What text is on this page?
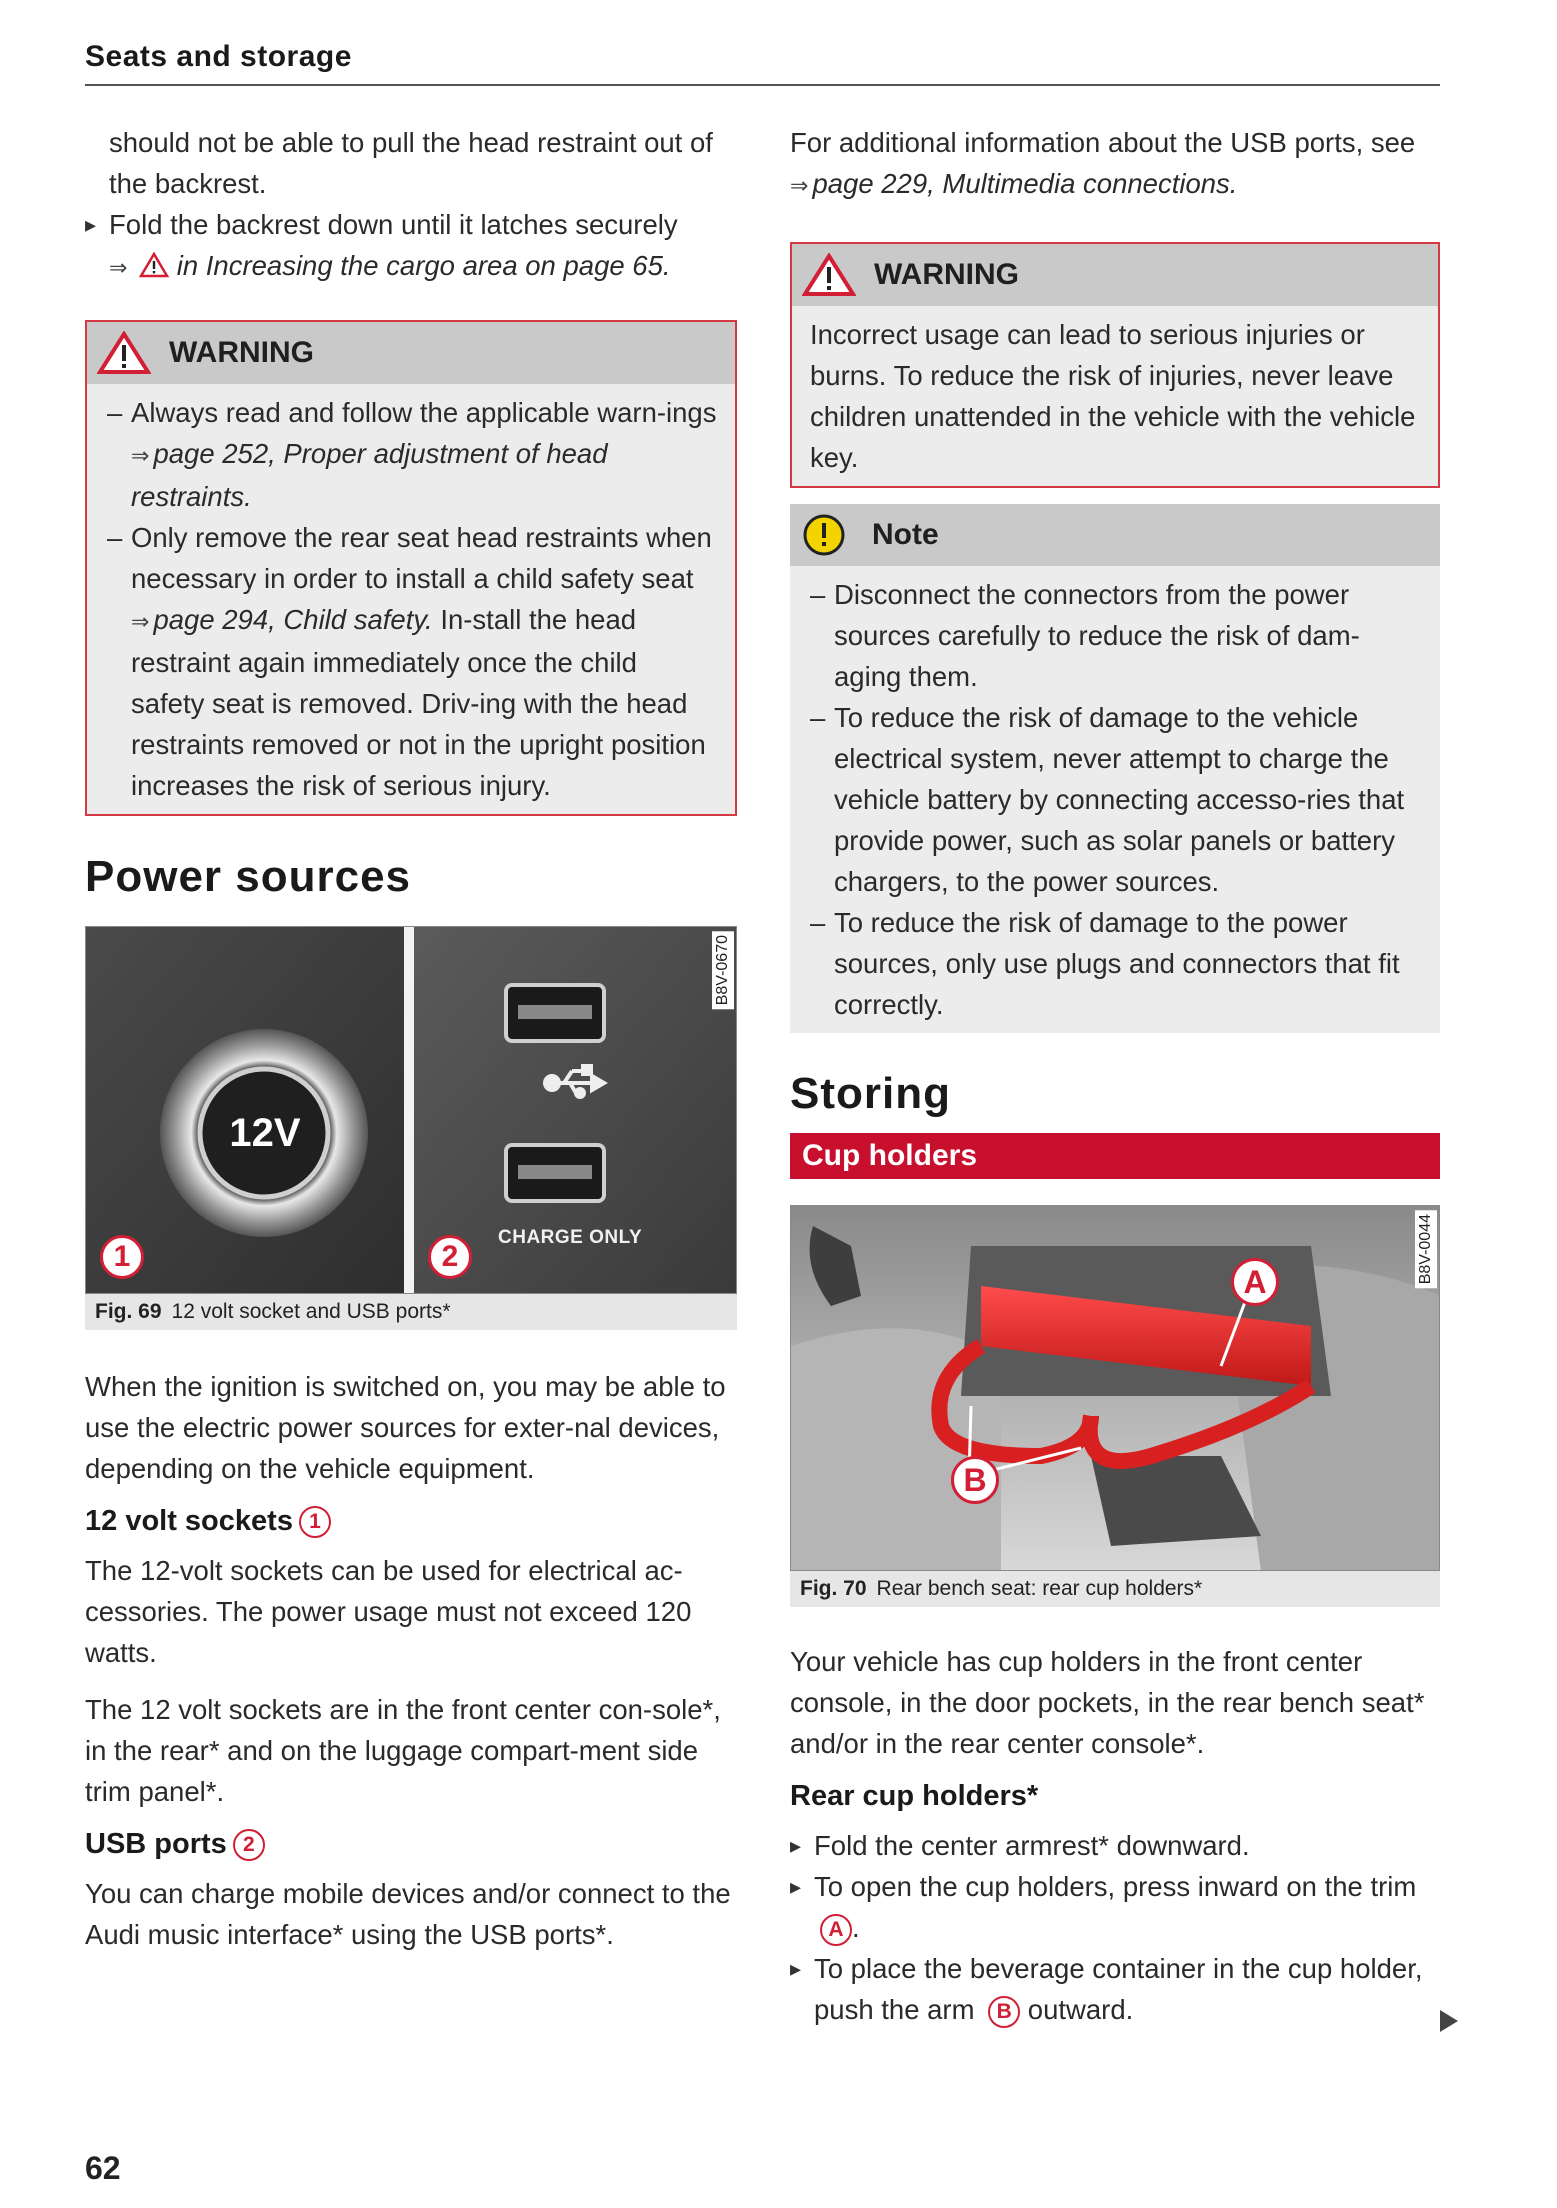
Seats and storage

should not be able to pull the head restraint out of the backrest.

▸ Fold the backrest down until it latches securely
⇒ in Increasing the cargo area on page 65.
WARNING
– Always read and follow the applicable warn-ings ⇒ page 252, Proper adjustment of head restraints.
– Only remove the rear seat head restraints when necessary in order to install a child safety seat ⇒ page 294, Child safety. In-stall the head restraint again immediately once the child safety seat is removed. Driv-ing with the head restraints removed or not in the upright position increases the risk of serious injury.
Power sources
12V
CHARGE ONLY
1	2
B8V-0670
Fig. 69 12 volt socket and USB ports*

When the ignition is switched on, you may be able to use the electric power sources for exter-nal devices, depending on the vehicle equipment.

12 volt sockets 1

The 12-volt sockets can be used for electrical ac-cessories. The power usage must not exceed 120 watts.

The 12 volt sockets are in the front center con-sole*, in the rear* and on the luggage compart-ment side trim panel*.

USB ports 2

You can charge mobile devices and/or connect to the Audi music interface* using the USB ports*.

For additional information about the USB ports, see ⇒ page 229, Multimedia connections.

WARNING

Incorrect usage can lead to serious injuries or burns. To reduce the risk of injuries, never leave children unattended in the vehicle with the vehicle key.

Note
– Disconnect the connectors from the power sources carefully to reduce the risk of dam-aging them.
– To reduce the risk of damage to the vehicle electrical system, never attempt to charge the vehicle battery by connecting accesso-ries that provide power, such as solar panels or battery chargers, to the power sources.
– To reduce the risk of damage to the power sources, only use plugs and connectors that fit correctly.
Storing
Cup holders
A
B
B8V-0044
Fig. 70 Rear bench seat: rear cup holders*

Your vehicle has cup holders in the front center console, in the door pockets, in the rear bench seat* and/or in the rear center console*.

Rear cup holders*
▸ Fold the center armrest* downward.
▸ To open the cup holders, press inward on the trim A .
▸ To place the beverage container in the cup holder, push the arm B outward.
62
